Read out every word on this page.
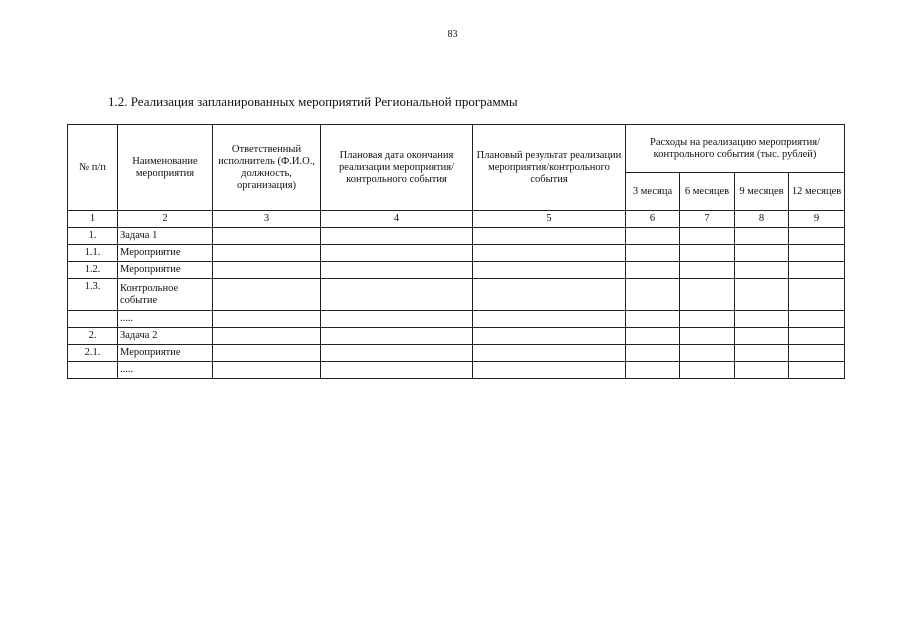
83
1.2. Реализация запланированных мероприятий Региональной программы
№ п/п	Наименование мероприятия	Ответственный исполнитель (Ф.И.О., должность, организация)	Плановая дата окончания реализации мероприятия/контрольного события	Плановый результат реализации мероприятия/контрольного события	Расходы на реализацию мероприятия/контрольного события (тыс. рублей)			
					3 месяца	6 месяцев	9 месяцев	12 месяцев
1	2	3	4	5	6	7	8	9
1.	Задача 1							
1.1.	Мероприятие							
1.2.	Мероприятие							
1.3.	Контрольное событие							
	.....							
2.	Задача 2							
2.1.	Мероприятие							
	.....							
